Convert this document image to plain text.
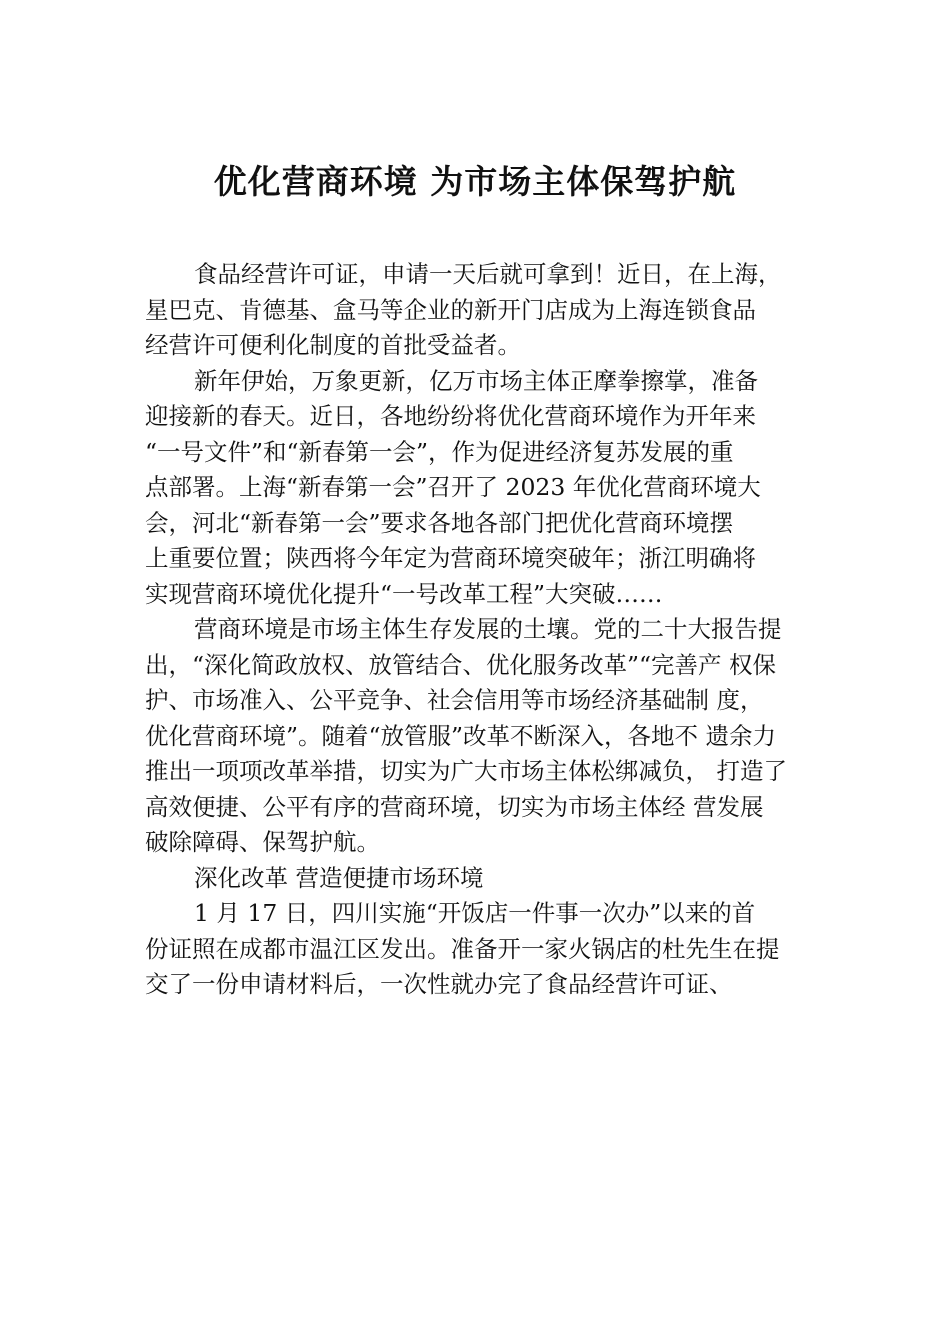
优化营商环境 为市场主体保驾护航
食品经营许可证，申请一天后就可拿到！近日，在上海，
星巴克、肯德基、盒马等企业的新开门店成为上海连锁食品
经营许可便利化制度的首批受益者。
新年伊始，万象更新，亿万市场主体正摩拳擦掌，准备
迎接新的春天。近日，各地纷纷将优化营商环境作为开年来
“一号文件”和“新春第一会”，作为促进经济复苏发展的重
点部署。上海“新春第一会”召开了 2023 年优化营商环境大
会，河北“新春第一会”要求各地各部门把优化营商环境摆
上重要位置；陕西将今年定为营商环境突破年；浙江明确将
实现营商环境优化提升“一号改革工程”大突破……
营商环境是市场主体生存发展的土壤。党的二十大报告提
出，“深化简政放权、放管结合、优化服务改革”“完善产 权保
护、市场准入、公平竞争、社会信用等市场经济基础制 度，
优化营商环境”。随着“放管服”改革不断深入，各地不 遗余力
推出一项项改革举措，切实为广大市场主体松绑减负， 打造了
高效便捷、公平有序的营商环境，切实为市场主体经 营发展
破除障碍、保驾护航。
深化改革 营造便捷市场环境
1 月 17 日，四川实施“开饭店一件事一次办”以来的首
份证照在成都市温江区发出。准备开一家火锅店的杜先生在提
交了一份申请材料后，一次性就办完了食品经营许可证、
